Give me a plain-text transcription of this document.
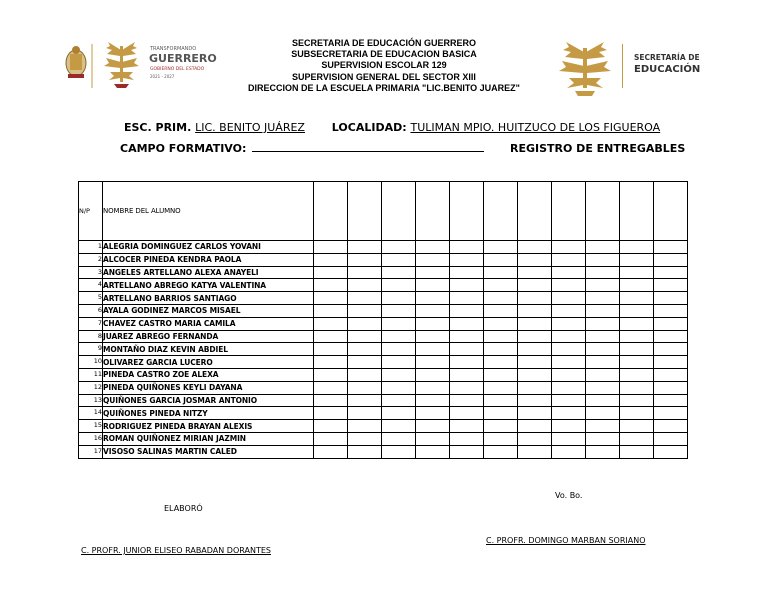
TRANSFORMANDO
GUERRERO
GOBIERNO DEL ESTADO
2021 - 2027
SECRETARIA DE EDUCACIÓN GUERRERO
SUBSECRETARIA DE EDUCACION BASICA
SUPERVISION ESCOLAR 129
SUPERVISION GENERAL DEL SECTOR XIII
DIRECCION DE LA ESCUELA PRIMARIA "LIC.BENITO JUAREZ"
SECRETARÍA DE
EDUCACIÓN
ESC. PRIM. LIC. BENITO JUÁREZ LOCALIDAD: TULIMAN MPIO. HUITZUCO DE LOS FIGUEROA
CAMPO FORMATIVO:	REGISTRO DE ENTREGABLES
N/P	NOMBRE DEL ALUMNO											
1	ALEGRIA DOMINGUEZ CARLOS YOVANI											
2	ALCOCER PINEDA KENDRA PAOLA											
3	ANGELES ARTELLANO ALEXA ANAYELI											
4	ARTELLANO ABREGO KATYA VALENTINA											
5	ARTELLANO BARRIOS SANTIAGO											
6	AYALA GODINEZ MARCOS MISAEL											
7	CHAVEZ CASTRO MARIA CAMILA											
8	JUAREZ ABREGO FERNANDA											
9	MONTAÑO DIAZ KEVIN ABDIEL											
10	OLIVAREZ GARCIA LUCERO											
11	PINEDA CASTRO ZOE ALEXA											
12	PINEDA QUIÑONES KEYLI DAYANA											
13	QUIÑONES GARCIA JOSMAR ANTONIO											
14	QUIÑONES PINEDA NITZY											
15	RODRIGUEZ PINEDA BRAYAN ALEXIS											
16	ROMAN QUIÑONEZ MIRIAN JAZMIN											
17	VISOSO SALINAS MARTIN CALED											
Vo. Bo.
ELABORÓ
C. PROFR. DOMINGO MARBAN SORIANO
C. PROFR. JUNIOR ELISEO RABADAN DORANTES
